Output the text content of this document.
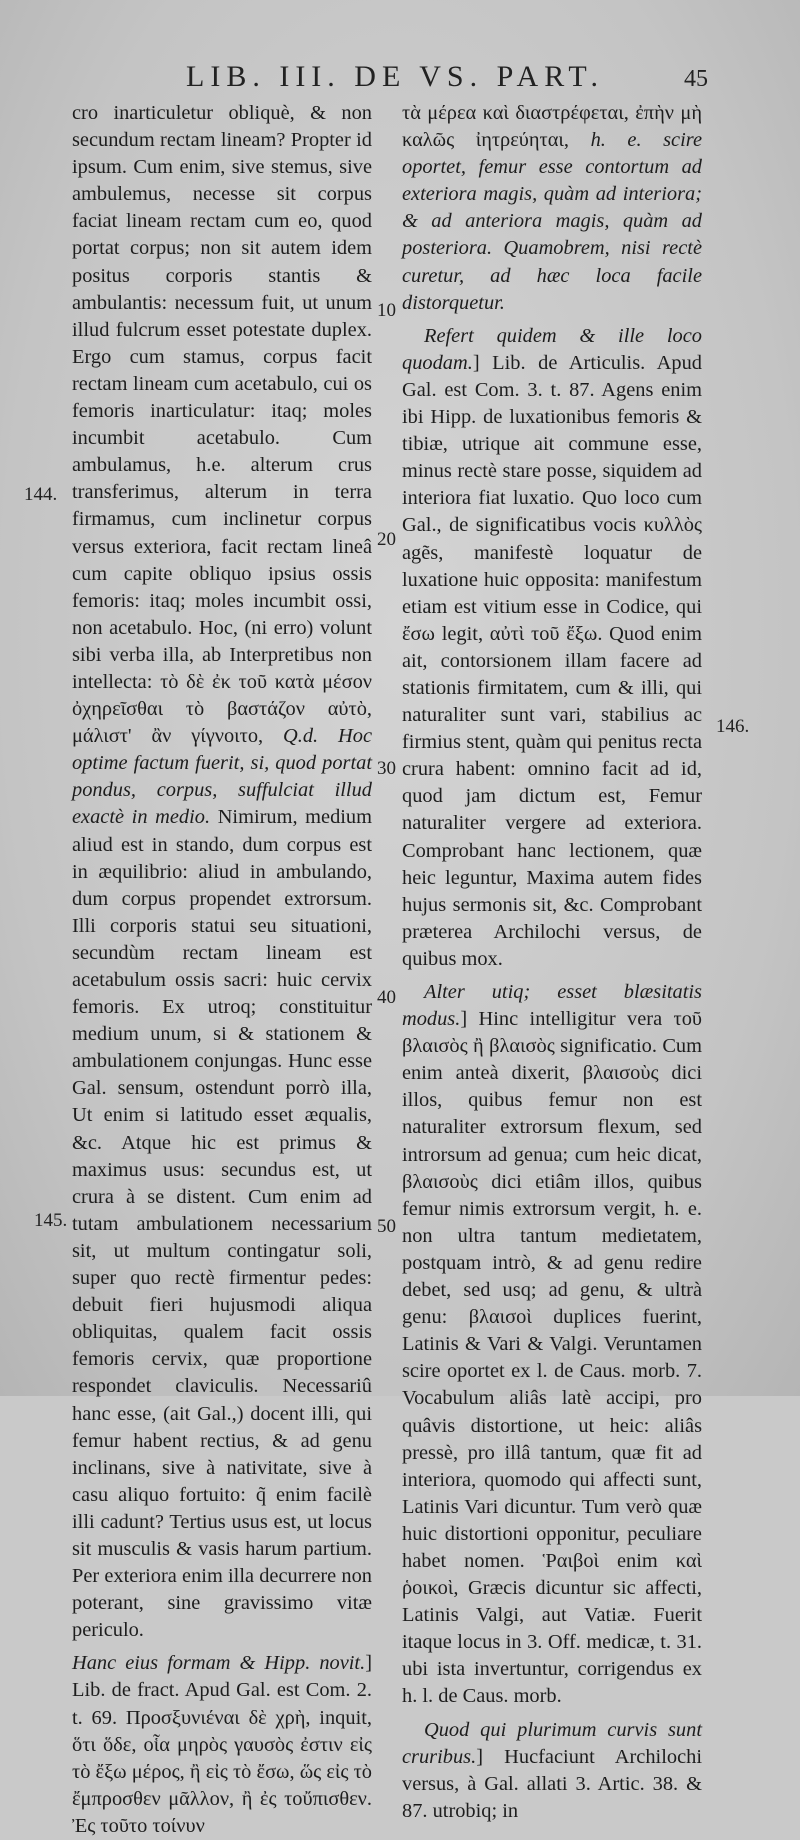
LIB. III. DE VS. PART.	45

cro inarticuletur obliquè, & non secundum rectam lineam? Propter id ipsum. Cum enim, sive stemus, sive ambulemus, necesse sit corpus faciat lineam rectam cum eo, quod portat corpus; non sit autem idem positus corporis stantis & ambulantis: necessum fuit, ut unum illud fulcrum esset potestate duplex. Ergo cum stamus, corpus facit rectam lineam cum acetabulo, cui os femoris inarticulatur: itaq; moles incumbit acetabulo. Cum ambulamus, h.e. alterum crus transferimus, alterum in terra firmamus, cum inclinetur corpus versus exteriora, facit rectam lineâ cum capite obliquo ipsius ossis femoris: itaq; moles incumbit ossi, non acetabulo. Hoc, (ni erro) volunt sibi verba illa, ab Interpretibus non intellecta: τὸ δὲ ἐκ τοῦ κατὰ μέσον ὀχηρεῖσθαι τὸ βαστάζον αὐτὸ, μάλιστ' ἂν γίγνοιτο, Q.d. Hoc optime factum fuerit, si, quod portat pondus, corpus, suffulciat illud exactè in medio. Nimirum, medium aliud est in stando, dum corpus est in æquilibrio: aliud in ambulando, dum corpus propendet extrorsum. Illi corporis statui seu situationi, secundùm rectam lineam est acetabulum ossis sacri: huic cervix femoris. Ex utroq; constituitur medium unum, si & stationem & ambulationem conjungas. Hunc esse Gal. sensum, ostendunt porrò illa, Ut enim si latitudo esset æqualis, &c. Atque hic est primus & maximus usus: secundus est, ut crura à se distent. Cum enim ad tutam ambulationem necessarium sit, ut multum contingatur soli, super quo rectè firmentur pedes: debuit fieri hujusmodi aliqua obliquitas, qualem facit ossis femoris cervix, quæ proportione respondet claviculis. Necessariû hanc esse, (ait Gal.,) docent illi, qui femur habent rectius, & ad genu inclinans, sive à nativitate, sive à casu aliquo fortuito: q̃ enim facilè illi cadunt? Tertius usus est, ut locus sit musculis & vasis harum partium. Per exteriora enim illa decurrere non poterant, sine gravissimo vitæ periculo.

Hanc eius formam & Hipp. novit.] Lib. de fract. Apud Gal. est Com. 2. t. 69. Προσξυνιέναι δὲ χρὴ, inquit, ὅτι ὅδε, οἷα μηρὸς γαυσὸς ἐστιν εἰς τὸ ἔξω μέρος, ἢ εἰς τὸ ἔσω, ὥς εἰς τὸ ἔμπροσθεν μᾶλλον, ἢ ἐς τοὔπισθεν. Ἐς τοῦτο τοίνυν

τὰ μέρεα καὶ διαστρέφεται, ἐπὴν μὴ καλῶς ἰητρεύηται, h. e. scire oportet, femur esse contortum ad exteriora magis, quàm ad interiora; & ad anteriora magis, quàm ad posteriora. Quamobrem, nisi rectè curetur, ad hæc loca facile distorquetur.

Refert quidem & ille loco quodam.] Lib. de Articulis. Apud Gal. est Com. 3. t. 87. Agens enim ibi Hipp. de luxationibus femoris & tibiæ, utrique ait commune esse, minus rectè stare posse, siquidem ad interiora fiat luxatio. Quo loco cum Gal., de significatibus vocis κυλλὸς agẽs, manifestè loquatur de luxatione huic opposita: manifestum etiam est vitium esse in Codice, qui ἔσω legit, αὐτὶ τοῦ ἔξω. Quod enim ait, contorsionem illam facere ad stationis firmitatem, cum & illi, qui naturaliter sunt vari, stabilius ac firmius stent, quàm qui penitus recta crura habent: omnino facit ad id, quod jam dictum est, Femur naturaliter vergere ad exteriora. Comprobant hanc lectionem, quæ heic leguntur, Maxima autem fides hujus sermonis sit, &c. Comprobant præterea Archilochi versus, de quibus mox.

Alter utiq; esset blæsitatis modus.] Hinc intelligitur vera τοῦ βλαισὸς ἢ βλαισὸς significatio. Cum enim anteà dixerit, βλαισοὺς dici illos, quibus femur non est naturaliter extrorsum flexum, sed introrsum ad genua; cum heic dicat, βλαισοὺς dici etiâm illos, quibus femur nimis extrorsum vergit, h. e. non ultra tantum medietatem, postquam intrò, & ad genu redire debet, sed usq; ad genu, & ultrà genu: βλαισοὶ duplices fuerint, Latinis & Vari & Valgi. Veruntamen scire oportet ex l. de Caus. morb. 7. Vocabulum aliâs latè accipi, pro quâvis distortione, ut heic: aliâs pressè, pro illâ tantum, quæ fit ad interiora, quomodo qui affecti sunt, Latinis Vari dicuntur. Tum verò quæ huic distortioni opponitur, peculiare habet nomen. Ῥαιβοὶ enim καὶ ῥοικοὶ, Græcis dicuntur sic affecti, Latinis Valgi, aut Vatiæ. Fuerit itaque locus in 3. Off. medicæ, t. 31. ubi ista invertuntur, corrigendus ex h. l. de Caus. morb.

Quod qui plurimum curvis sunt cruribus.] Hucfaciunt Archilochi versus, à Gal. allati 3. Artic. 38. & 87. utrobiq; in

10
20
30
40
50
144.
145.
146.
